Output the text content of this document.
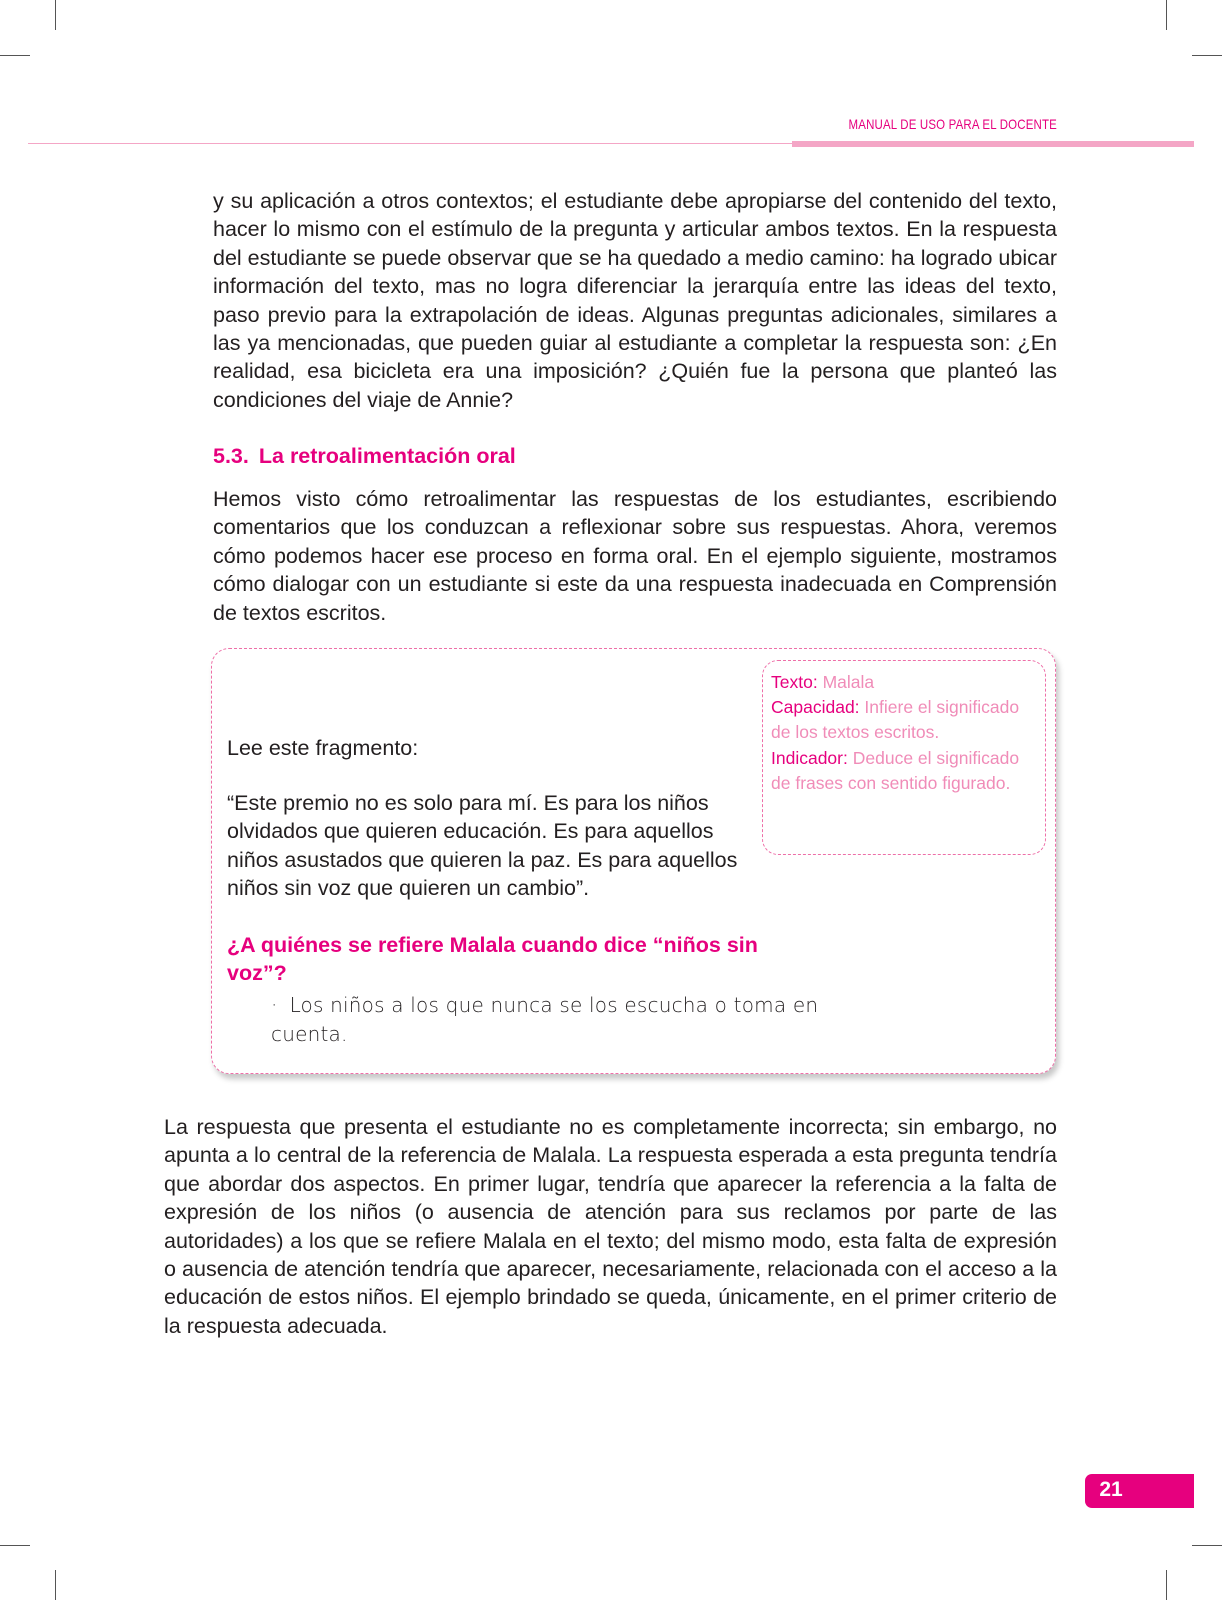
MANUAL DE USO PARA EL DOCENTE
y su aplicación a otros contextos; el estudiante debe apropiarse del contenido del texto, hacer lo mismo con el estímulo de la pregunta y articular ambos textos. En la respuesta del estudiante se puede observar que se ha quedado a medio camino: ha logrado ubicar información del texto, mas no logra diferenciar la jerarquía entre las ideas del texto, paso previo para la extrapolación de ideas. Algunas preguntas adicionales, similares a las ya mencionadas, que pueden guiar al estudiante a completar la respuesta son: ¿En realidad, esa bicicleta era una imposición? ¿Quién fue la persona que planteó las condiciones del viaje de Annie?
5.3. La retroalimentación oral
Hemos visto cómo retroalimentar las respuestas de los estudiantes, escribiendo comentarios que los conduzcan a reflexionar sobre sus respuestas. Ahora, veremos cómo podemos hacer ese proceso en forma oral. En el ejemplo siguiente, mostramos cómo dialogar con un estudiante si este da una respuesta inadecuada en Comprensión de textos escritos.
Texto: Malala
Capacidad: Infiere el significado de los textos escritos.
Indicador: Deduce el significado de frases con sentido figurado.
Lee este fragmento:
“Este premio no es solo para mí. Es para los niños olvidados que quieren educación. Es para aquellos niños asustados que quieren la paz. Es para aquellos niños sin voz que quieren un cambio”.
¿A quiénes se refiere Malala cuando dice “niños sin voz”?
· Los niños a los que nunca se los escucha o toma en cuenta.
La respuesta que presenta el estudiante no es completamente incorrecta; sin embargo, no apunta a lo central de la referencia de Malala. La respuesta esperada a esta pregunta tendría que abordar dos aspectos. En primer lugar, tendría que aparecer la referencia a la falta de expresión de los niños (o ausencia de atención para sus reclamos por parte de las autoridades) a los que se refiere Malala en el texto; del mismo modo, esta falta de expresión o ausencia de atención tendría que aparecer, necesariamente, relacionada con el acceso a la educación de estos niños. El ejemplo brindado se queda, únicamente, en el primer criterio de la respuesta adecuada.
21
